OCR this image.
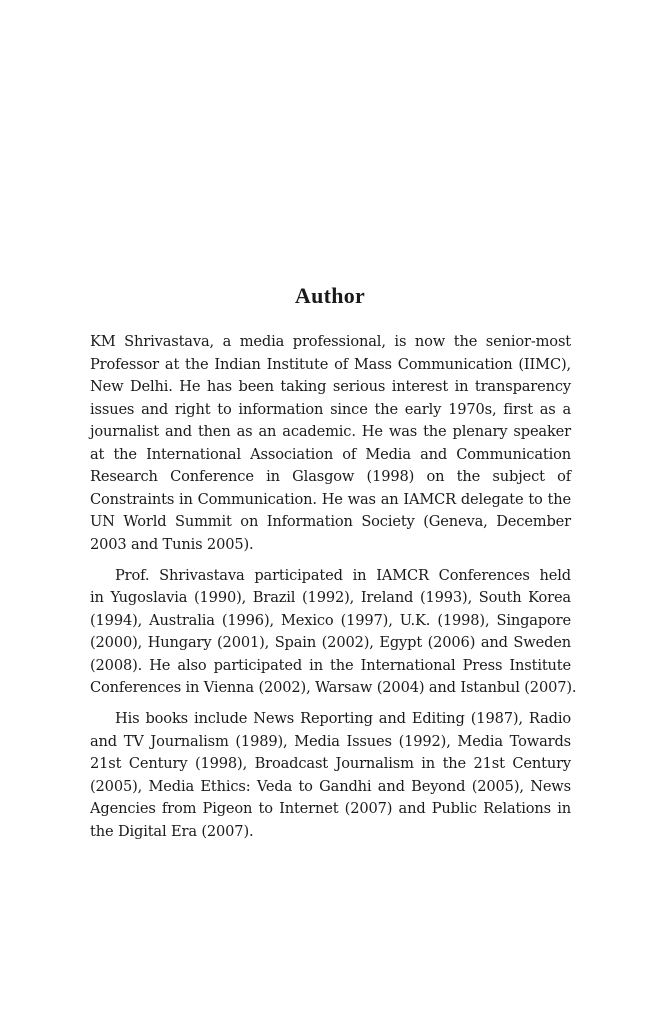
Author
KM Shrivastava, a media professional, is now the senior-most
Professor at the Indian Institute of Mass Communication (IIMC),
New Delhi. He has been taking serious interest in transparency
issues and right to information since the early 1970s, first as a
journalist and then as an academic. He was the plenary speaker
at the International Association of Media and Communication
Research Conference in Glasgow (1998) on the subject of
Constraints in Communication. He was an IAMCR delegate to the
UN World Summit on Information Society (Geneva, December
2003 and Tunis 2005).
Prof. Shrivastava participated in IAMCR Conferences held
in Yugoslavia (1990), Brazil (1992), Ireland (1993), South Korea
(1994), Australia (1996), Mexico (1997), U.K. (1998), Singapore
(2000), Hungary (2001), Spain (2002), Egypt (2006) and Sweden
(2008). He also participated in the International Press Institute
Conferences in Vienna (2002), Warsaw (2004) and Istanbul (2007).
His books include News Reporting and Editing (1987), Radio
and TV Journalism (1989), Media Issues (1992), Media Towards
21st Century (1998), Broadcast Journalism in the 21st Century
(2005), Media Ethics: Veda to Gandhi and Beyond (2005), News
Agencies from Pigeon to Internet (2007) and Public Relations in
the Digital Era (2007).
